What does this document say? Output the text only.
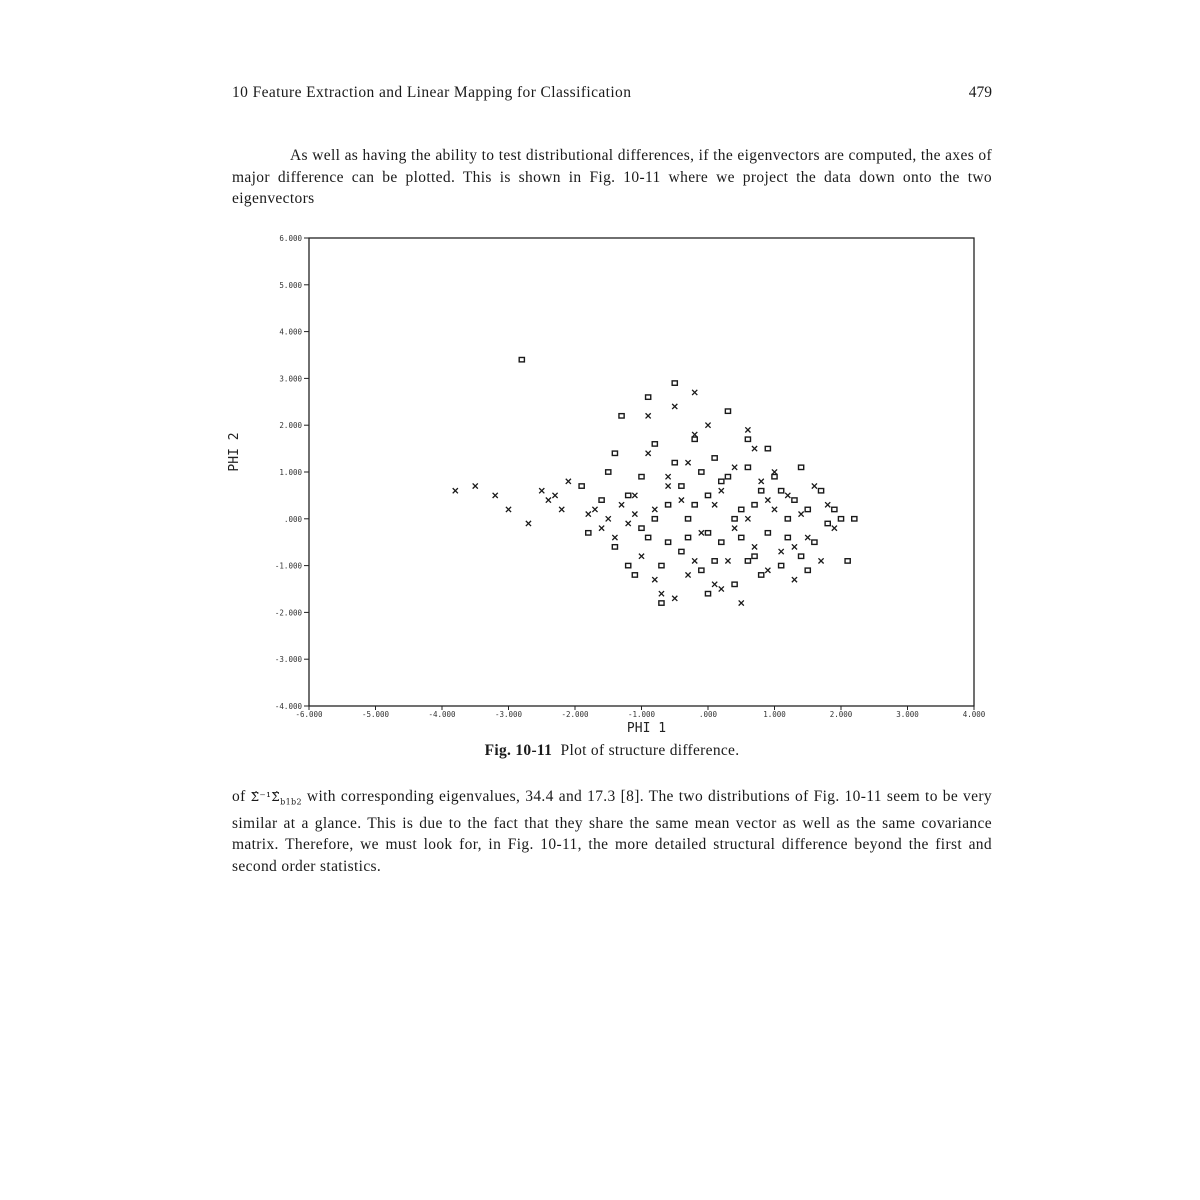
10 Feature Extraction and Linear Mapping for Classification	479

As well as having the ability to test distributional differences, if the eigenvectors are computed, the axes of major difference can be plotted. This is shown in Fig. 10-11 where we project the data down onto the two eigenvectors

-6.000	-5.000	-4.000	-3.000	-2.000	-1.000	.000	1.000	2.000	3.000	4.000
6.000
5.000
4.000
3.000
2.000
1.000
.000
-1.000
-2.000
-3.000
-4.000
PHI 1
PHI 2
Fig. 10-11 Plot of structure difference.

of $\Sigmâ^{-1}\Sigmâ_{b1b2}$ with corresponding eigenvalues, 34.4 and 17.3 [8]. The two distributions of Fig. 10-11 seem to be very similar at a glance. This is due to the fact that they share the same mean vector as well as the same covariance matrix. Therefore, we must look for, in Fig. 10-11, the more detailed structural difference beyond the first and second order statistics.
